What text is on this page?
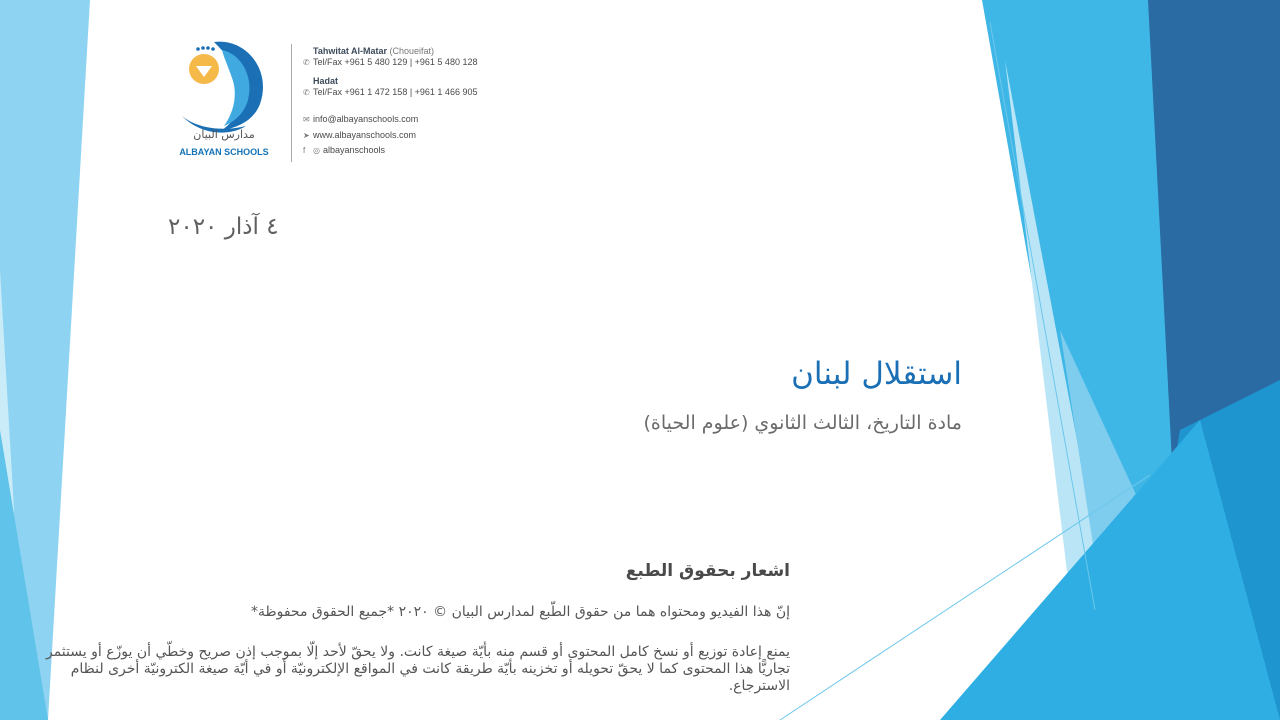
مدارس البيان
ALBAYAN SCHOOLS
Tahwitat Al-Matar (Choueifat)
✆ Tel/Fax +961 5 480 129 | +961 5 480 128
Hadat
✆ Tel/Fax +961 1 472 158 | +961 1 466 905
✉ info@albayanschools.com
➤ www.albayanschools.com
f ◎ albayanschools
٤ آذار ٢٠٢٠
استقلال لبنان
مادة التاريخ، الثالث الثانوي (علوم الحياة)
اشعار بحقوق الطبع
إنّ هذا الفيديو ومحتواه هما من حقوق الطّبع لمدارس البيان © ٢٠٢٠ *جميع الحقوق محفوظة*
يمنع إعادة توزيع أو نسخ كامل المحتوى أو قسم منه بأيّة صيغة كانت. ولا يحقّ لأحد إلّا بموجب إذن صريح وخطّي أن يوزّع أو يستثمر تجاريًّا هذا المحتوى كما لا يحقّ تحويله أو تخزينه بأيّة طريقة كانت في المواقع الإلكترونيّة أو في أيّة صيغة الكترونيّة أخرى لنظام الاسترجاع.
